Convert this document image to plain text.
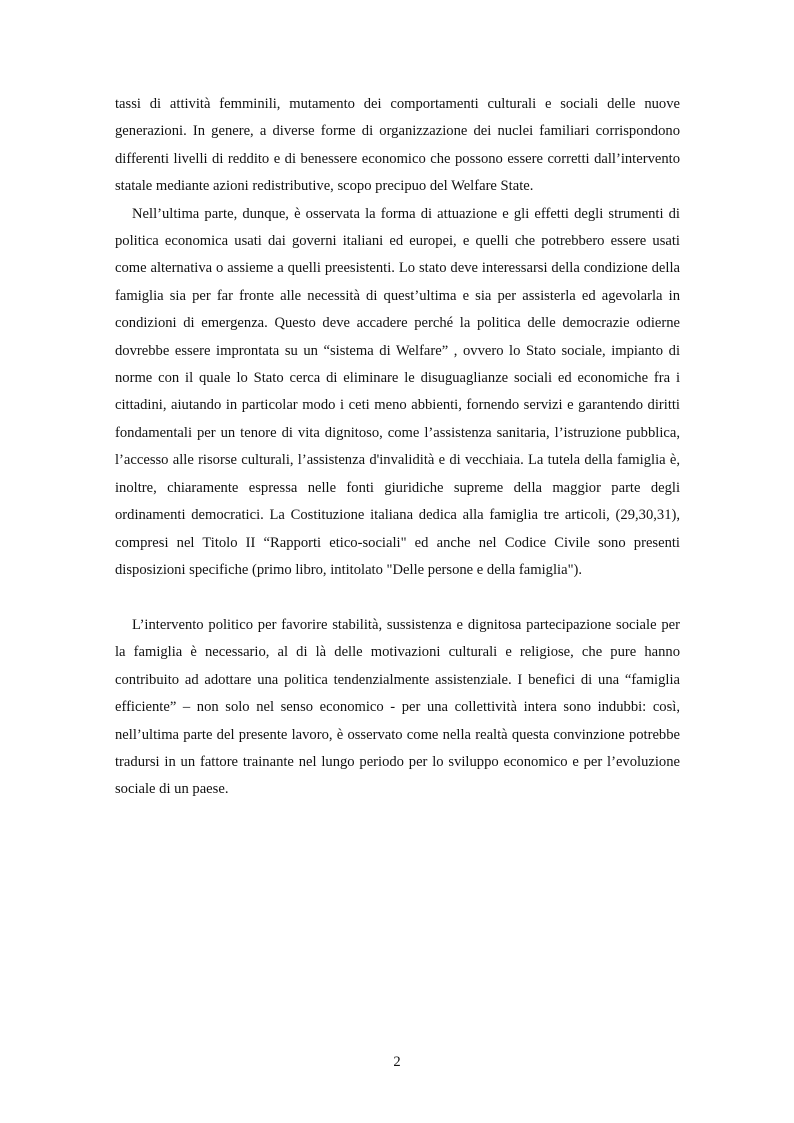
tassi di attività femminili, mutamento dei comportamenti culturali e sociali delle nuove generazioni. In genere, a diverse forme di organizzazione dei nuclei familiari corrispondono differenti livelli di reddito e di benessere economico che possono essere corretti dall’intervento statale mediante azioni redistributive, scopo precipuo del Welfare State.

Nell’ultima parte, dunque, è osservata la forma di attuazione e gli effetti degli strumenti di politica economica usati dai governi italiani ed europei, e quelli che potrebbero essere usati come alternativa o assieme a quelli preesistenti. Lo stato deve interessarsi della condizione della famiglia sia per far fronte alle necessità di quest’ultima e sia per assisterla ed agevolarla in condizioni di emergenza. Questo deve accadere perché la politica delle democrazie odierne dovrebbe essere improntata su un “sistema di Welfare” , ovvero lo Stato sociale, impianto di norme con il quale lo Stato cerca di eliminare le disuguaglianze sociali ed economiche fra i cittadini, aiutando in particolar modo i ceti meno abbienti, fornendo servizi e garantendo diritti fondamentali per un tenore di vita dignitoso, come l’assistenza sanitaria, l’istruzione pubblica, l’accesso alle risorse culturali, l’assistenza d'invalidità e di vecchiaia. La tutela della famiglia è, inoltre, chiaramente espressa nelle fonti giuridiche supreme della maggior parte degli ordinamenti democratici. La Costituzione italiana dedica alla famiglia tre articoli, (29,30,31), compresi nel Titolo II “Rapporti etico-sociali" ed anche nel Codice Civile sono presenti disposizioni specifiche (primo libro, intitolato "Delle persone e della famiglia").

L’intervento politico per favorire stabilità, sussistenza e dignitosa partecipazione sociale per la famiglia è necessario, al di là delle motivazioni culturali e religiose, che pure hanno contribuito ad adottare una politica tendenzialmente assistenziale. I benefici di una “famiglia efficiente” – non solo nel senso economico - per una collettività intera sono indubbi: così, nell’ultima parte del presente lavoro, è osservato come nella realtà questa convinzione potrebbe tradursi in un fattore trainante nel lungo periodo per lo sviluppo economico e per l’evoluzione sociale di un paese.

2
